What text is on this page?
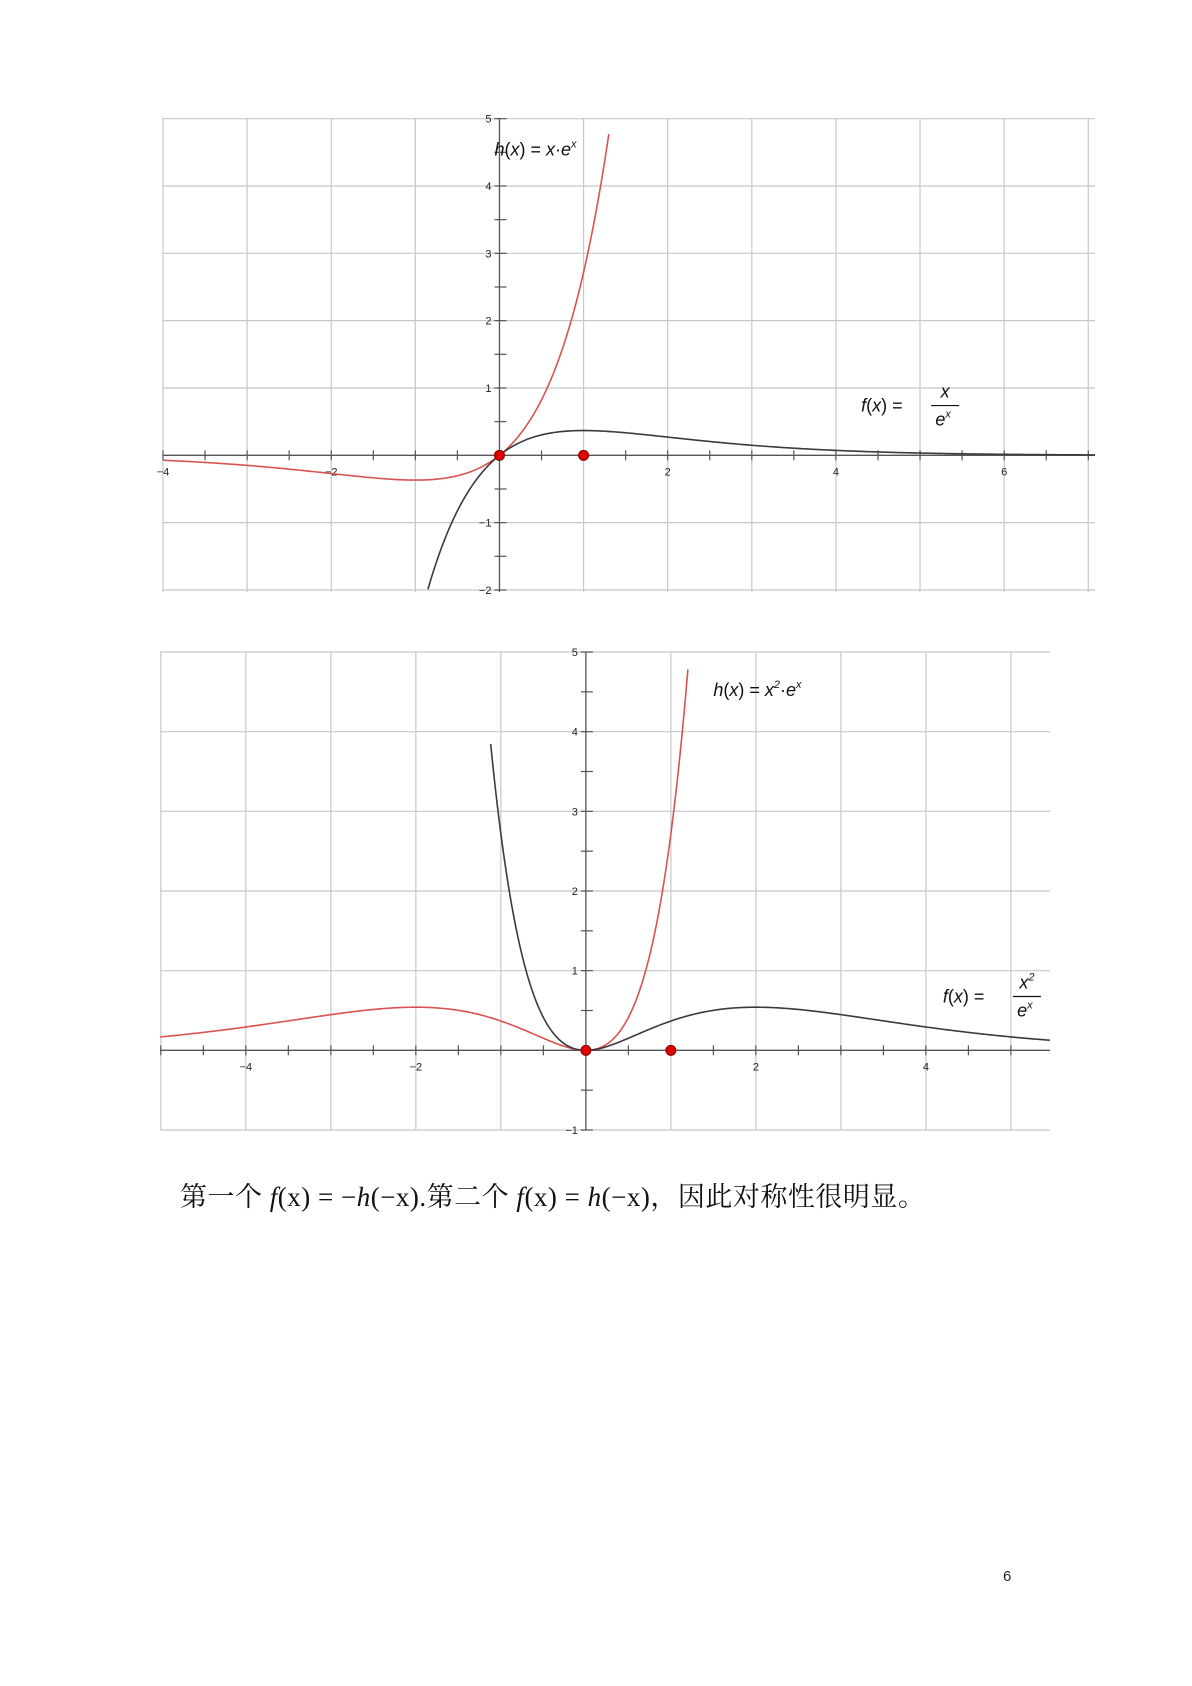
−4	−2	2	4	6
−2
−1
1
2
3
4
5
$h(x) = x\cdot e^x$
f(x) =
x
$e^x$
−4	−2	2	4
−1
1
2
3
4
5
$h(x) = x^2\cdot e^x$
f(x) =
$x^2$
$e^x$
第一个 f(x) = −h(−x).第二个 f(x) = h(−x)，因此对称性很明显。
6
